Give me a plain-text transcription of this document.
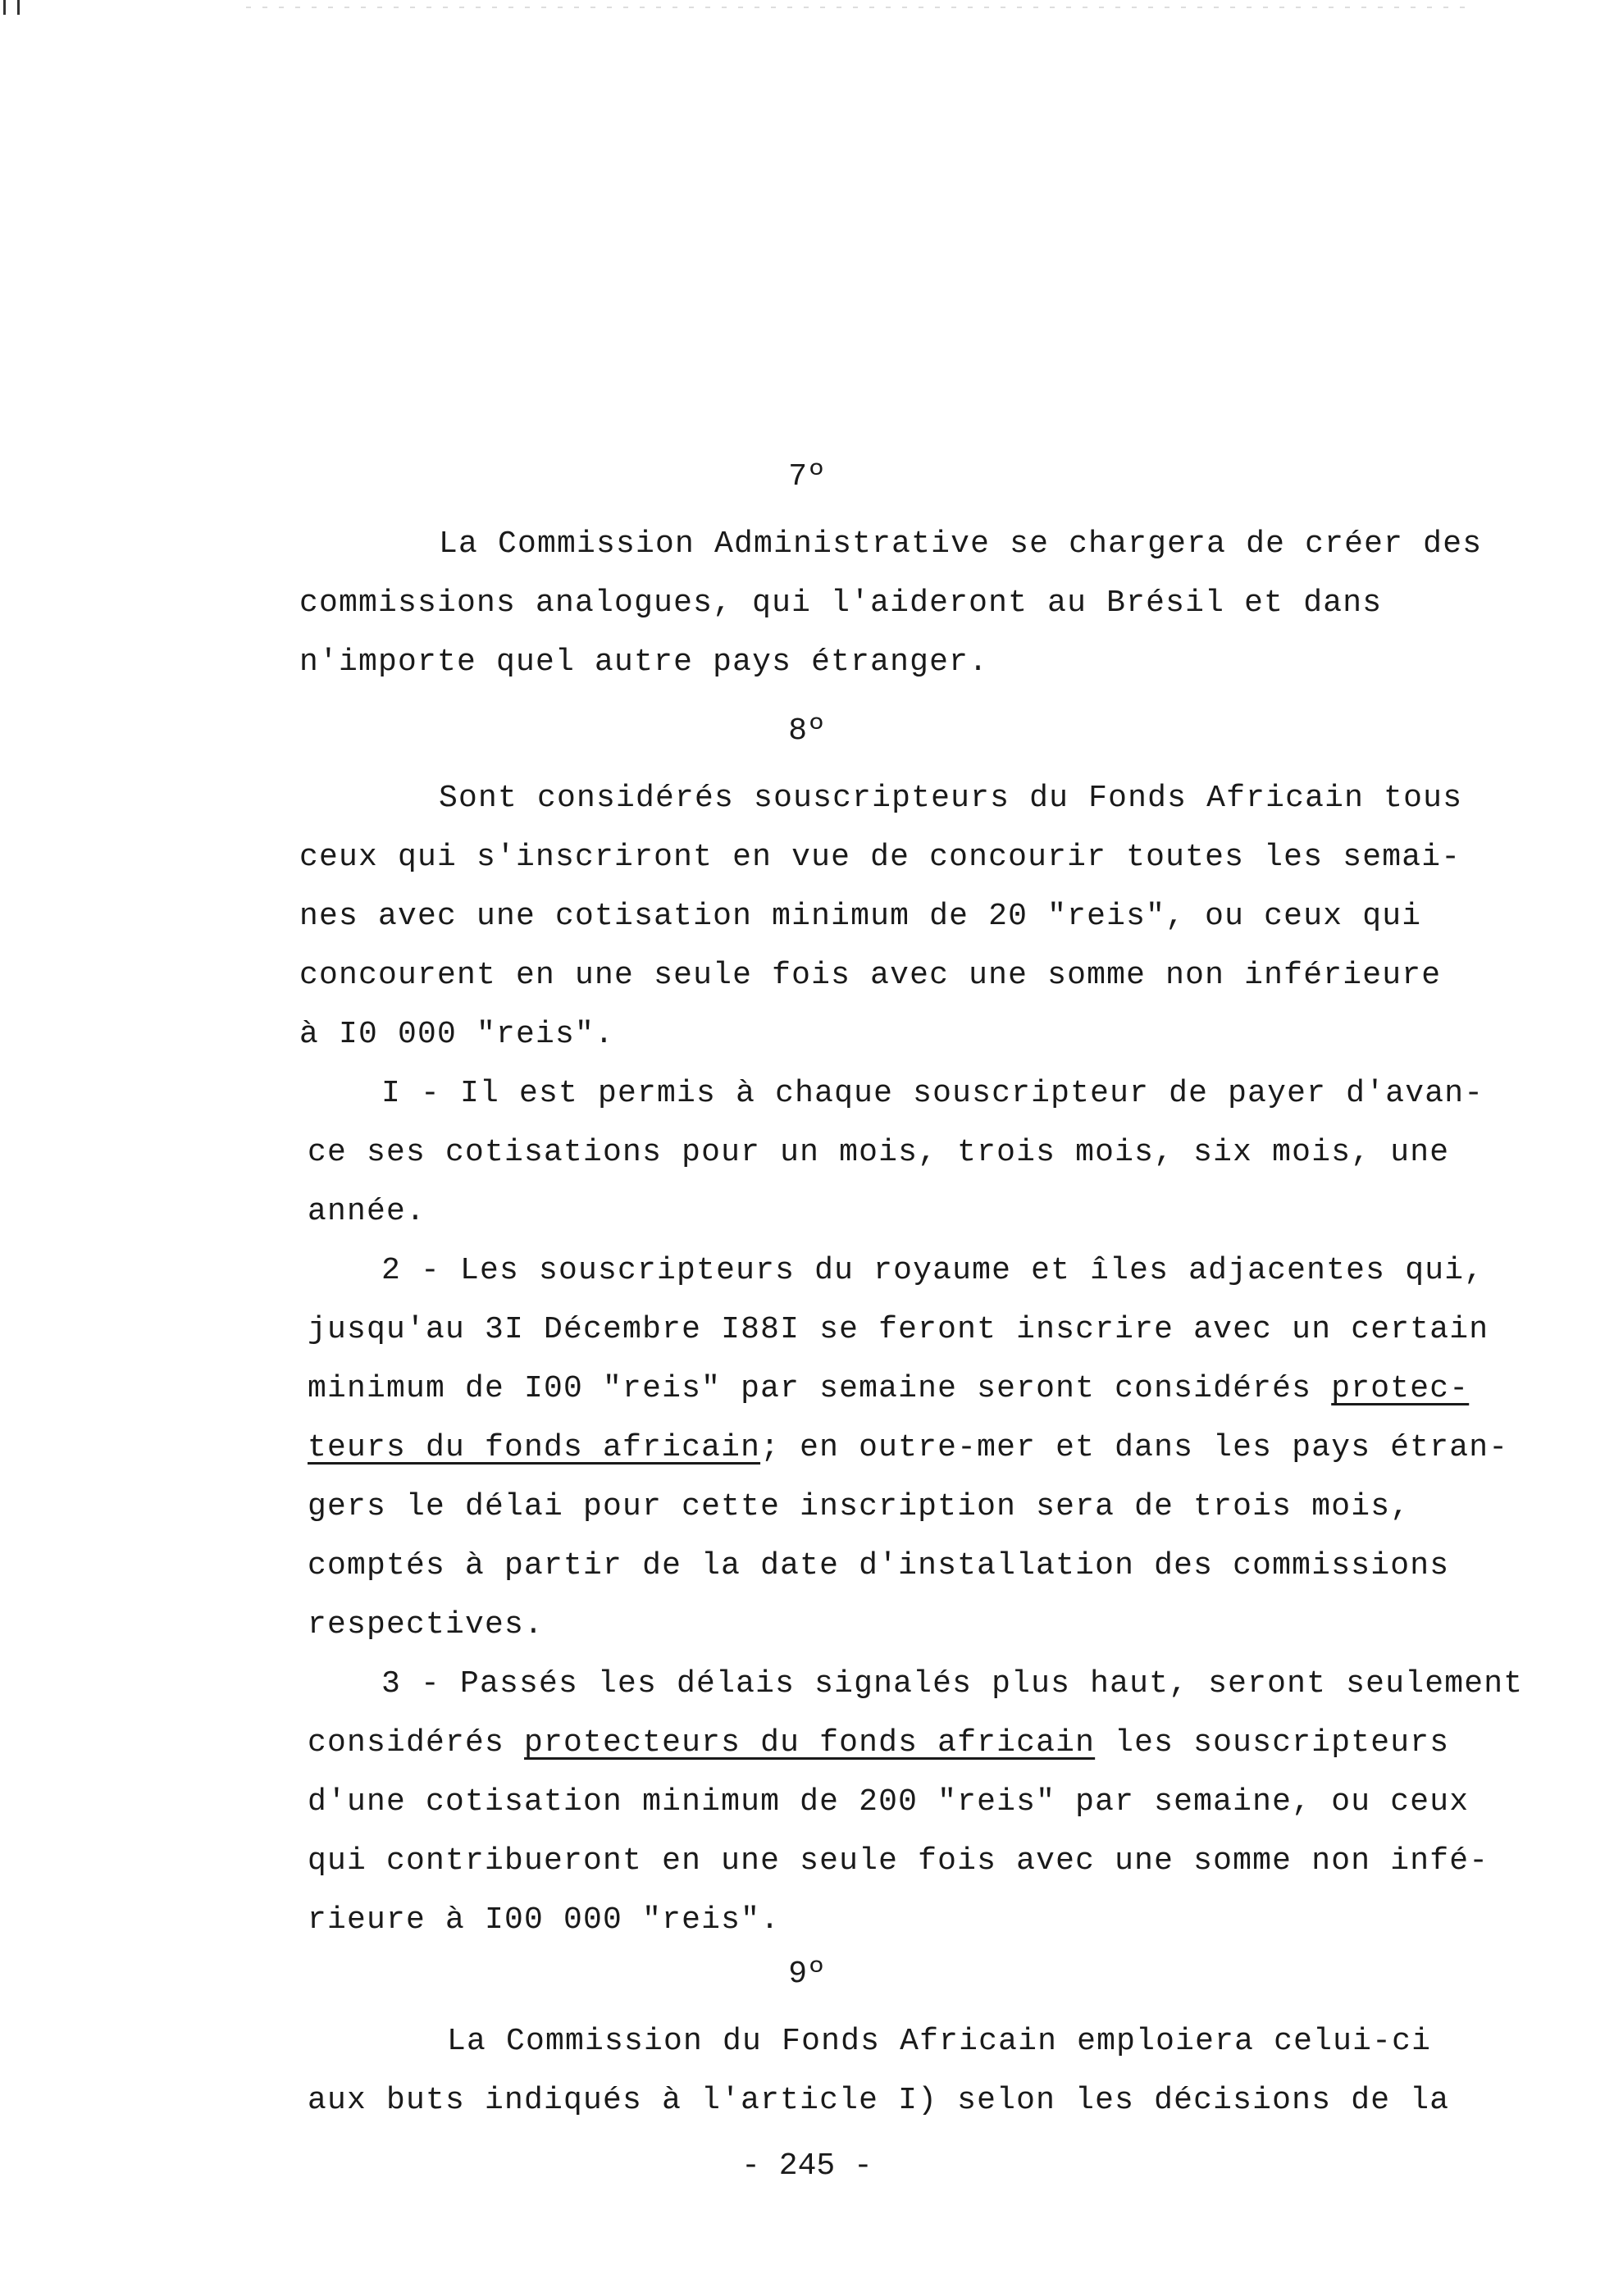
7º

La Commission Administrative se chargera de créer des
commissions analogues, qui l'aideront au Brésil et dans
n'importe quel autre pays étranger.

8º

Sont considérés souscripteurs du Fonds Africain tous
ceux qui s'inscriront en vue de concourir toutes les semai-
nes avec une cotisation minimum de 20 "reis", ou ceux qui
concourent en une seule fois avec une somme non inférieure
à I0 000 "reis".

I - Il est permis à chaque souscripteur de payer d'avan-
ce ses cotisations pour un mois, trois mois, six mois, une
année.

2 - Les souscripteurs du royaume et îles adjacentes qui,
jusqu'au 3I Décembre I88I se feront inscrire avec un certain
minimum de I00 "reis" par semaine seront considérés protec-
teurs du fonds africain; en outre-mer et dans les pays étran-
gers le délai pour cette inscription sera de trois mois,
comptés à partir de la date d'installation des commissions
respectives.

3 - Passés les délais signalés plus haut, seront seulement
considérés protecteurs du fonds africain les souscripteurs
d'une cotisation minimum de 200 "reis" par semaine, ou ceux
qui contribueront en une seule fois avec une somme non infé-
rieure à I00 000 "reis".

9º

La Commission du Fonds Africain emploiera celui-ci
aux buts indiqués à l'article I) selon les décisions de la

- 245 -
